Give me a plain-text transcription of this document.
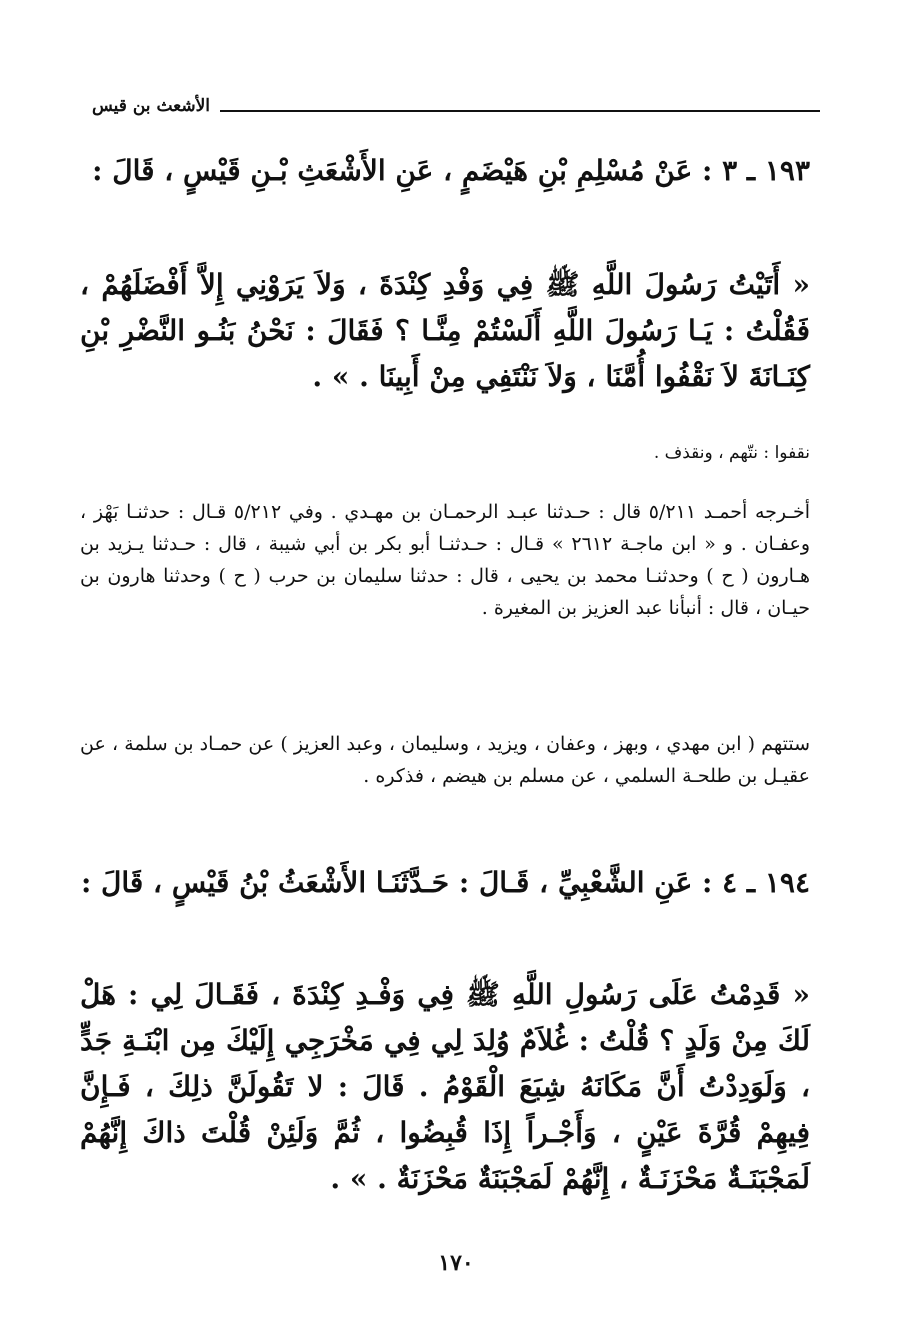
الأشعث بن قيس
١٩٣ ـ ٣ : عَنْ مُسْلِمِ بْنِ هَيْضَمٍ ، عَنِ الأَشْعَثِ بْـنِ قَيْسٍ ، قَالَ :
« أَتَيْتُ رَسُولَ اللَّهِ ﷺ فِي وَفْدِ كِنْدَةَ ، وَلاَ يَرَوْنِي إِلاَّ أَفْضَلَهُمْ ، فَقُلْتُ : يَـا رَسُولَ اللَّهِ أَلَسْتُمْ مِنَّـا ؟ فَقَالَ : نَحْنُ بَنُـو النَّضْرِ بْنِ كِنَـانَةَ لاَ نَقْفُوا أُمَّنَا ، وَلاَ نَنْتَفِي مِنْ أَبِينَا . » .
نقفوا : نتّهم ، ونقذف .
أخـرجه أحمـد ٥/٢١١ قال : حـدثنا عبـد الرحمـان بن مهـدي . وفي ٥/٢١٢ قـال : حدثنـا بَهْز ، وعفـان . و « ابن ماجـة ٢٦١٢ » قـال : حـدثنـا أبو بكر بن أبي شيبة ، قال : حـدثنا يـزيد بن هـارون ( ح ) وحدثنـا محمد بن يحيى ، قال : حدثنا سليمان بن حرب ( ح ) وحدثنا هارون بن حيـان ، قال : أنبأنا عبد العزيز بن المغيرة .
ستتهم ( ابن مهدي ، وبهز ، وعفان ، ويزيد ، وسليمان ، وعبد العزيز ) عن حمـاد بن سلمة ، عن عقيـل بن طلحـة السلمي ، عن مسلم بن هيضم ، فذكره .
١٩٤ ـ ٤ : عَنِ الشَّعْبِيِّ ، قَـالَ : حَـدَّثَنَـا الأَشْعَثُ بْنُ قَيْسٍ ، قَالَ :
« قَدِمْتُ عَلَى رَسُولِ اللَّهِ ﷺ فِي وَفْـدِ كِنْدَةَ ، فَقَـالَ لِي : هَلْ لَكَ مِنْ وَلَدٍ ؟ قُلْتُ : غُلاَمٌ وُلِدَ لِي فِي مَخْرَجِي إِلَيْكَ مِن ابْنَـةِ جَدٍّ ، وَلَوَدِدْتُ أَنَّ مَكَانَهُ شِبَعَ الْقَوْمُ . قَالَ : لا تَقُولَنَّ ذلِكَ ، فَـإِنَّ فِيهِمْ قُرَّةَ عَيْنٍ ، وَأَجْـراً إِذَا قُبِضُوا ، ثُمَّ وَلَئِنْ قُلْتَ ذاكَ إِنَّهُمْ لَمَجْبَنَـةٌ مَحْزَنَـةٌ ، إِنَّهُمْ لَمَجْبَنَةٌ مَحْزَنَةٌ . » .
١٧٠
